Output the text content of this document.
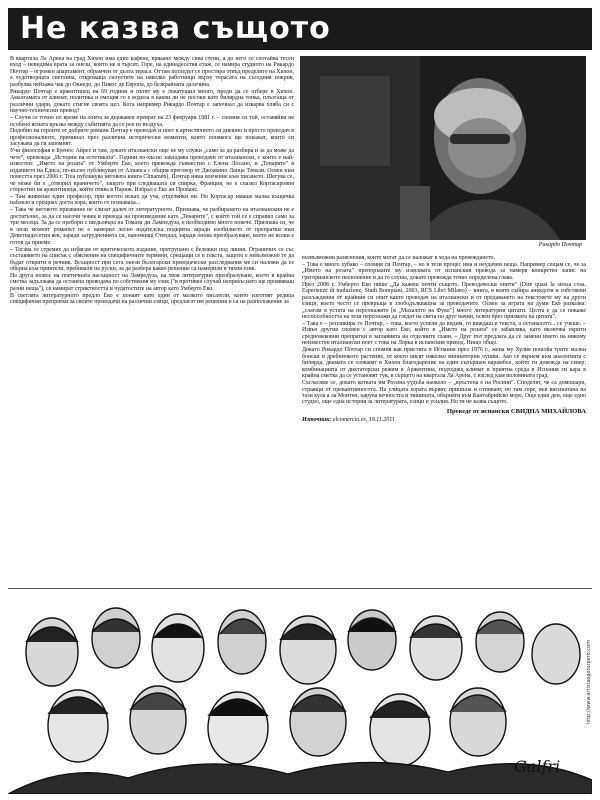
Не казва същото

В квартала Ла Арена на град Хихон има едно кафене, вряаано между сива стени, а до него се спотайва тесен вход – невидима врата за онези, които не я търсят. Горе, на единадесетия етаж, се намира студиото на Рикардо Почтар – огромен апартамент, обрамчен от дълга тераса. Оттам погледът се простира отвъд пределите на Хихон, а чудотворната светлина, откроваща силуетите на няколко работници върху терасата на съседния покрив, разбулва пейзажа чак до Овиедо, до Пикос де Европа, до безкрайната далечина.

Рикардо Почтар е аржентинец на 69 години и пътят му е лъкатушил много, преди да се отбере в Хихон. Амалгамата от климат, политика и емоция го е водила в какви ли не посоки като билярдна топка, плъзгаща от различни удари, докато стигне своята цел. Кога например Рикардо Почтар е започнал да изкарва хляба си с научно-технически превод?

– Случи се точно по време на опита за държавен преврат на 23 февруари 1981 г. – спомня си той, оставяйки не особено ясната връзка между събитията да се рее из въздуха.

Подобно на героите от добрите романи Почтар е преводач и поет в артистичното си днешно и просто преводач в професионалното, преминал през различни исторически моменти, които понякога ще покажат, които си засужава да ги запомнят.

Учи философия в Буенос Айрес и там, докато италиански още не му служи „само за да разбира и за да може да чете", превежда „Истории на естетиката". Години по-късно завладява преводачи от италиански, с които е най-известен: „Името на розата" от Умберто Еко, което превежда съвместно с Елена Лосано, и „Тенарите" в изданието на Едиса, по-късно публикуван от Алиanca с общия преговор от Джоакино Ланца Томази. Освен към повестта през 2006 г. Trea публикува неговата книга Clinamen), Почтар няма влечение към писането. Шегува се, че може би е „отворил краничето", защото при следващата си спирка, Франция, не е спазил Кортасаровия стереотип на аржентинеца, който отива в Париж. Избрал е Екс ан Прованс.

– Там живееше един професор, при когото исках да уча, отделяйки ни. Но Кортасар имаше малка къщичка наблизо и срещнах доста хора, които го познаваха...

– Така че неговото призвание не слизат далеч от литературното. Признава, че разбирането на италианския не е достатъчно, за да се насочи човек в превода на произведение като „Тенарите", с който той се е справил само за три месеца. За да се пребори с шедьовъра на Томази ди Лампедуза, е необходимо много повече. Признава си, че в онзи момент романът не е намерил лесно издателска подкрепа заради изобилието от препратки към Деветнадесетия век, заради затрудненията си, напомнящ Стендал, заради онова преобразуване, което не всеки е готов да приеме:

– Тогава се стремях да избягам от критическото издание, претрупано с бележки под линия. Ограничих се със съставянето на списък с обяснения на специфичните термини, срещащи се в текста, защото е невъзможно те да бъдат открити в речник. Всъщност при сега онези бъллгарски преводачески разследвания ме си наложи да се обърна към приятели, пребивали на руски, за да разбера какво решение са намерили в тяхня език.

На друга полюс на поетичната насъщност на Ламредуза, на твоя литературно преобразуване, което в крайна сметка задължава да останеш преводача по собствения му език ("в противен случай непрекъснато ще проявяваш разни неща"), се намират стриктността и чудатостите на автор като Умберто Еко.

В светлата литературното предло Еко е понаит като един от малкото писатели, които изготвят редица специфични препратки за своите преводачи на различни езици, предлагат им решения и са на разположение за

Рикардо Почтар

всевъзможни разяснения, които могат да се наложат в хода на превеждането.

– Това е много хубаво – спомня си Почтар, – но в тези процес има и неудачни неща. Например сещам се, че за „Името на розата" препоръките му изисквага от испанския превода за намеря конкретен запис на грегорианското песнопение и да го слуша, докато превежда точно определена глава.

През 2008 г. Умберто Еко пише „Да кажеш почти същото. Преводачески опити" (Dire quasi la stessa cosa. Esperienze di traduzione, Studi Bompiani, 2003, RCS Libri Milano) – книга, в която събира анекдоти и собствени разсъждения от крайния си опит както преводач на италиански и от предаването на текстовете му на други езици, което често се превръща в злободълкващна за преводачите. Освен за играта на думи Еко разказва: „слагам в устата на персонажите [в „Махалото на Фуко"] много литературни цитати. Целта е да се покаже неспособността на тези персонажи да гледат на света по друг начин, освен през призмата на цитата".

– Така е – репликира го Почтар, – това, което успели да видим, го виждаш в текста, а останалото... се учеше. – Извън другия спомен с автор като Еко, който в „Името на розата" се забавлява, като включва скрити средновековни препратки в заглавията на отделните глави. – Друг път предлага да се замени името на никому неизвестен италиански поет с това на Лорка в испанския превод. Нищо общо.

Докато Рикардо Почтар си спомня как пристига в Испания през 1976 г., жена му Хулия пошлйа трите малки бонсаи и дребничкото растение, от което висят няколко миниатюрни чушки. Ако се върнем към аналогията с билярда, двамата се озовават в Хихон благодарение на един съпършен карамбол, който ги довежда на север: комбинацията от диктаторски режим в Аржентина, подходящ климат и приятна среда в Испания ги кара в крайна сметка да се установят тук, в сърцето на квартала Ла Арена, с изглед към половината град.

Съгласяме се, докато котката им Росина уудъба наоколо – „кръстена е на Росини". Споделят, че са домошари, страящи от превантивността. На улицата хората вървят, пришъпа и отпиваят, но там горе, във висинатана на тази кула а ла Монтен, царува вечността и тишината, обърнати към Кантабрийско море. Още един ден, още едно студио, още една история за литературата, езици и усилия. Но тя не казва същото.

Преведе от испански СВИДНА МИХАЙЛОВА
Източник: elcomercio.es, 19.11.2011
Galfri
http://www.artistasgotorpero.com
